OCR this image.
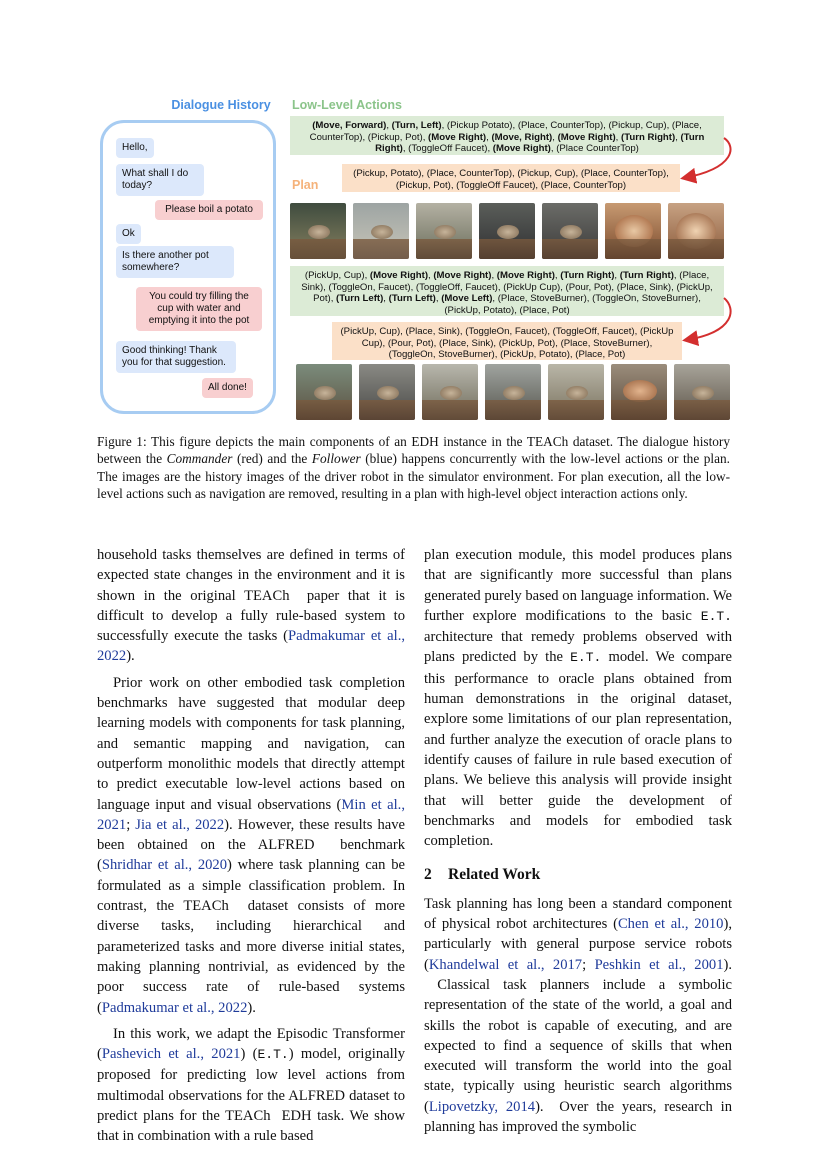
Dialogue History
Hello,
What shall I do today?
Please boil a potato
Ok
Is there another pot somewhere?
You could try filling the cup with water and emptying it into the pot
Good thinking! Thank you for that suggestion.
All done!
Low-Level Actions
Plan
(Move, Forward), (Turn, Left), (Pickup Potato), (Place, CounterTop), (Pickup, Cup), (Place, CounterTop), (Pickup, Pot), (Move Right), (Move, Right), (Move Right), (Turn Right), (Turn Right), (ToggleOff Faucet), (Move Right), (Place CounterTop)
(Pickup, Potato), (Place, CounterTop), (Pickup, Cup), (Place, CounterTop), (Pickup, Pot), (ToggleOff Faucet), (Place, CounterTop)
(PickUp, Cup), (Move Right), (Move Right), (Move Right), (Turn Right), (Turn Right), (Place, Sink), (ToggleOn, Faucet), (ToggleOff, Faucet), (PickUp Cup), (Pour, Pot), (Place, Sink), (PickUp, Pot), (Turn Left), (Turn Left), (Move Left), (Place, StoveBurner), (ToggleOn, StoveBurner), (PickUp, Potato), (Place, Pot)
(PickUp, Cup), (Place, Sink), (ToggleOn, Faucet), (ToggleOff, Faucet), (PickUp Cup), (Pour, Pot), (Place, Sink), (PickUp, Pot), (Place, StoveBurner), (ToggleOn, StoveBurner), (PickUp, Potato), (Place, Pot)
Figure 1: This figure depicts the main components of an EDH instance in the TEACh dataset. The dialogue history between the Commander (red) and the Follower (blue) happens concurrently with the low-level actions or the plan. The images are the history images of the driver robot in the simulator environment. For plan execution, all the low-level actions such as navigation are removed, resulting in a plan with high-level object interaction actions only.

household tasks themselves are defined in terms of expected state changes in the environment and it is shown in the original TEACh  paper that it is difficult to develop a fully rule-based system to successfully execute the tasks (Padmakumar et al., 2022).

Prior work on other embodied task completion benchmarks have suggested that modular deep learning models with components for task planning, and semantic mapping and navigation, can outperform monolithic models that directly attempt to predict executable low-level actions based on language input and visual observations (Min et al., 2021; Jia et al., 2022). However, these results have been obtained on the ALFRED  benchmark (Shridhar et al., 2020) where task planning can be formulated as a simple classification problem. In contrast, the TEACh  dataset consists of more diverse tasks, including hierarchical and parameterized tasks and more diverse initial states, making planning nontrivial, as evidenced by the poor success rate of rule-based systems (Padmakumar et al., 2022).

In this work, we adapt the Episodic Transformer (Pashevich et al., 2021) (E.T.) model, originally proposed for predicting low level actions from multimodal observations for the ALFRED dataset to predict plans for the TEACh  EDH task. We show that in combination with a rule based

plan execution module, this model produces plans that are significantly more successful than plans generated purely based on language information. We further explore modifications to the basic E.T. architecture that remedy problems observed with plans predicted by the E.T. model. We compare this performance to oracle plans obtained from human demonstrations in the original dataset, explore some limitations of our plan representation, and further analyze the execution of oracle plans to identify causes of failure in rule based execution of plans. We believe this analysis will provide insight that will better guide the development of benchmarks and models for embodied task completion.

2 Related Work

Task planning has long been a standard component of physical robot architectures (Chen et al., 2010), particularly with general purpose service robots (Khandelwal et al., 2017; Peshkin et al., 2001).  Classical task planners include a symbolic representation of the state of the world, a goal and skills the robot is capable of executing, and are expected to find a sequence of skills that when executed will transform the world into the goal state, typically using heuristic search algorithms (Lipovetzky, 2014).  Over the years, research in planning has improved the symbolic
